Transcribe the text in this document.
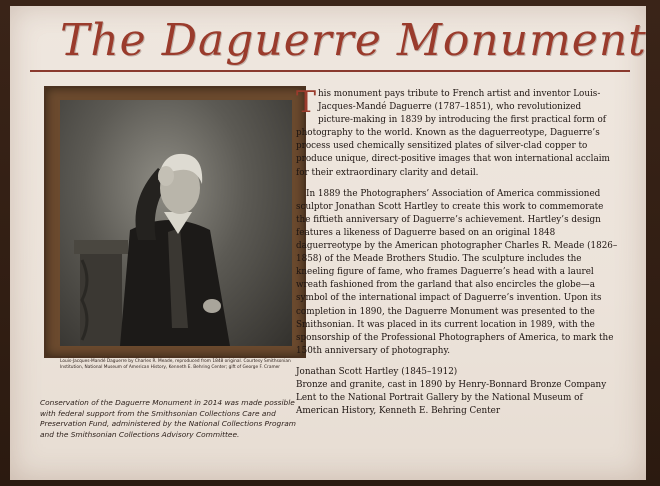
The Daguerre Monument
Louis-Jacques-Mandé Daguerre by Charles R. Meade, reproduced from 1848 original. Courtesy Smithsonian Institution, National Museum of American History, Kenneth E. Behring Center; gift of George F. Cramer
Conservation of the Daguerre Monument in 2014 was made possible with federal support from the Smithsonian Collections Care and Preservation Fund, administered by the National Collections Program and the Smithsonian Collections Advisory Committee.
This monument pays tribute to French artist and inventor Louis-Jacques-Mandé Daguerre (1787–1851), who revolutionized picture-making in 1839 by introducing the first practical form of photography to the world. Known as the daguerreotype, Daguerre’s process used chemically sensitized plates of silver-clad copper to produce unique, direct-positive images that won international acclaim for their extraordinary clarity and detail.
In 1889 the Photographers’ Association of America commissioned sculptor Jonathan Scott Hartley to create this work to commemorate the fiftieth anniversary of Daguerre’s achievement. Hartley’s design features a likeness of Daguerre based on an original 1848 daguerreotype by the American photographer Charles R. Meade (1826–1858) of the Meade Brothers Studio. The sculpture includes the kneeling figure of fame, who frames Daguerre’s head with a laurel wreath fashioned from the garland that also encircles the globe—a symbol of the international impact of Daguerre’s invention. Upon its completion in 1890, the Daguerre Monument was presented to the Smithsonian. It was placed in its current location in 1989, with the sponsorship of the Professional Photographers of America, to mark the 150th anniversary of photography.
Jonathan Scott Hartley (1845–1912)
Bronze and granite, cast in 1890 by Henry-Bonnard Bronze Company
Lent to the National Portrait Gallery by the National Museum of American History, Kenneth E. Behring Center
